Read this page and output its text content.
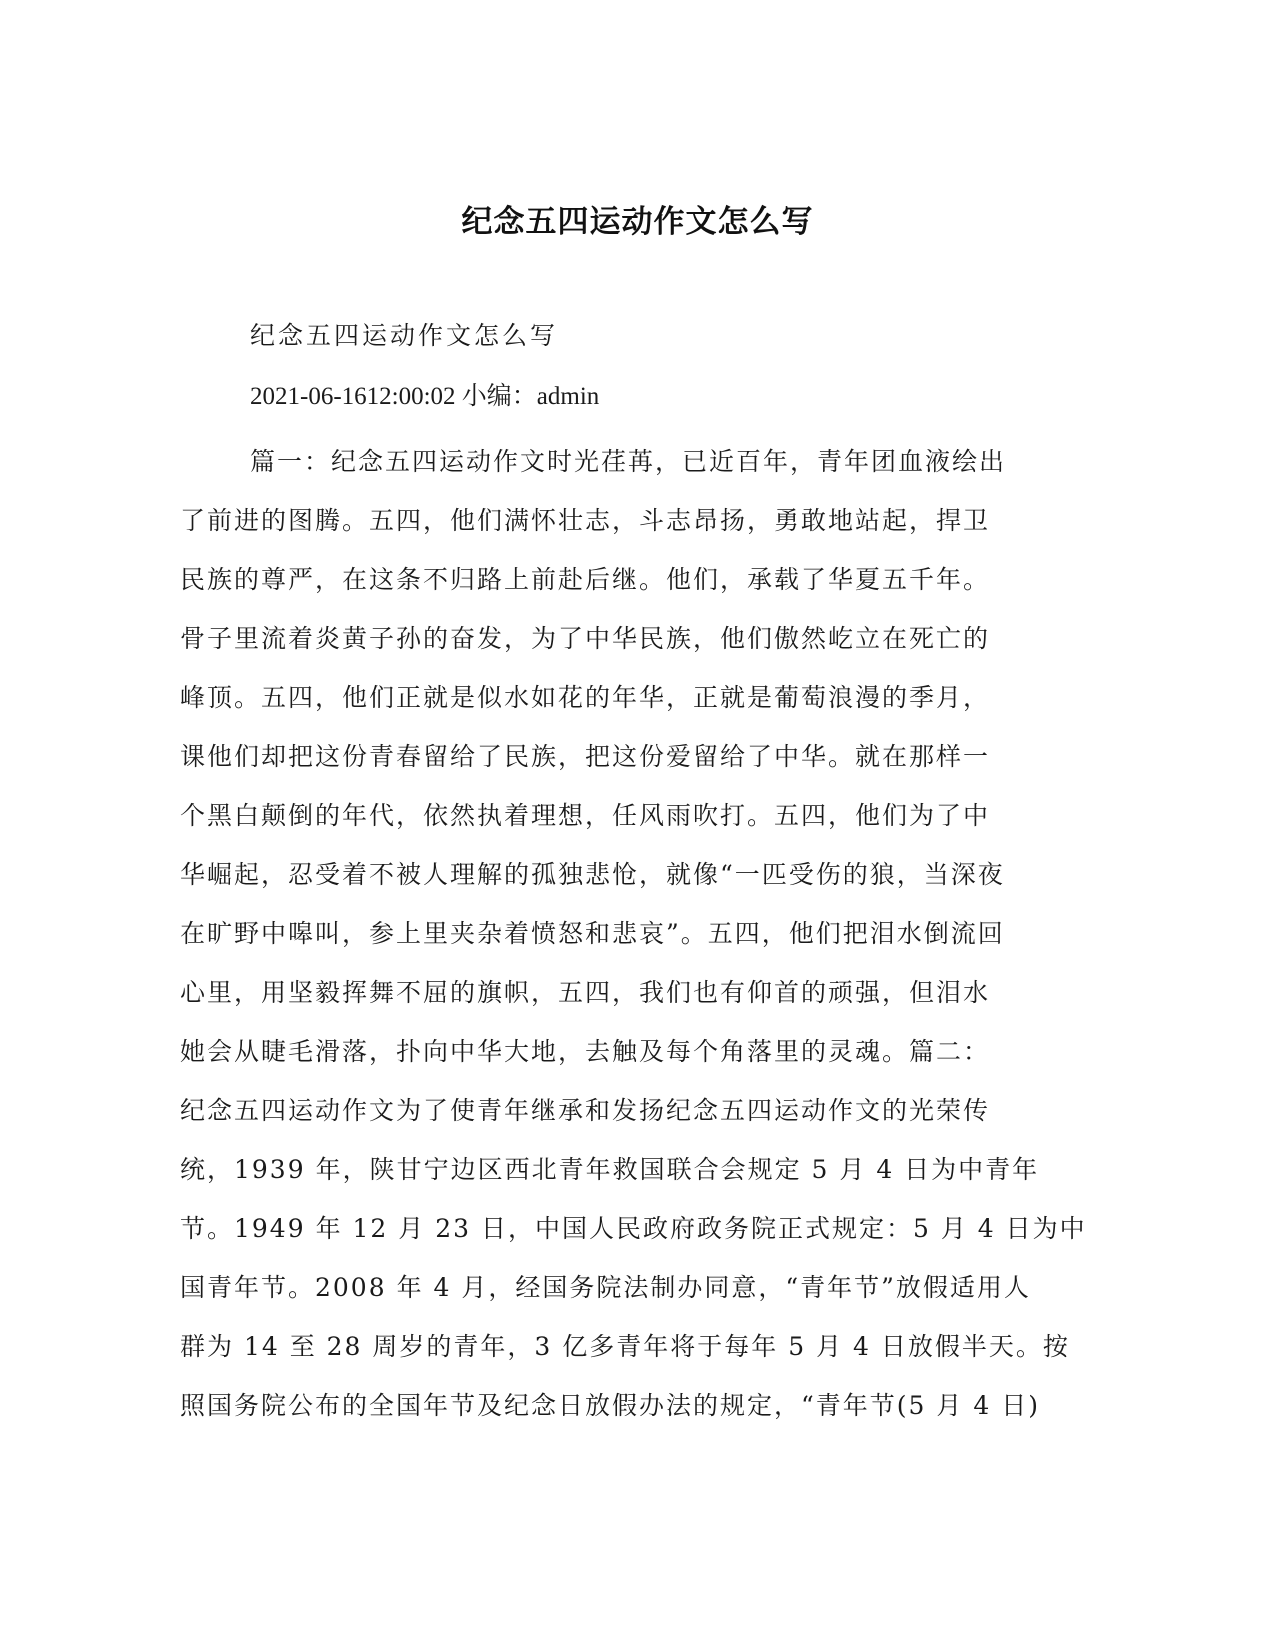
纪念五四运动作文怎么写

纪念五四运动作文怎么写

2021-06-1612:00:02 小编：admin

篇一：纪念五四运动作文时光荏苒，已近百年，青年团血液绘出
了前进的图腾。五四，他们满怀壮志，斗志昂扬，勇敢地站起，捍卫
民族的尊严，在这条不归路上前赴后继。他们，承载了华夏五千年。
骨子里流着炎黄子孙的奋发，为了中华民族，他们傲然屹立在死亡的
峰顶。五四，他们正就是似水如花的年华，正就是葡萄浪漫的季月，
课他们却把这份青春留给了民族，把这份爱留给了中华。就在那样一
个黑白颠倒的年代，依然执着理想，任风雨吹打。五四，他们为了中
华崛起，忍受着不被人理解的孤独悲怆，就像“一匹受伤的狼，当深夜
在旷野中嗥叫，参上里夹杂着愤怒和悲哀”。五四，他们把泪水倒流回
心里，用坚毅挥舞不屈的旗帜，五四，我们也有仰首的顽强，但泪水
她会从睫毛滑落，扑向中华大地，去触及每个角落里的灵魂。篇二：
纪念五四运动作文为了使青年继承和发扬纪念五四运动作文的光荣传
统，1939 年，陕甘宁边区西北青年救国联合会规定 5 月 4 日为中青年
节。1949 年 12 月 23 日，中国人民政府政务院正式规定：5 月 4 日为中
国青年节。2008 年 4 月，经国务院法制办同意，“青年节”放假适用人
群为 14 至 28 周岁的青年，3 亿多青年将于每年 5 月 4 日放假半天。按
照国务院公布的全国年节及纪念日放假办法的规定，“青年节(5 月 4 日)
